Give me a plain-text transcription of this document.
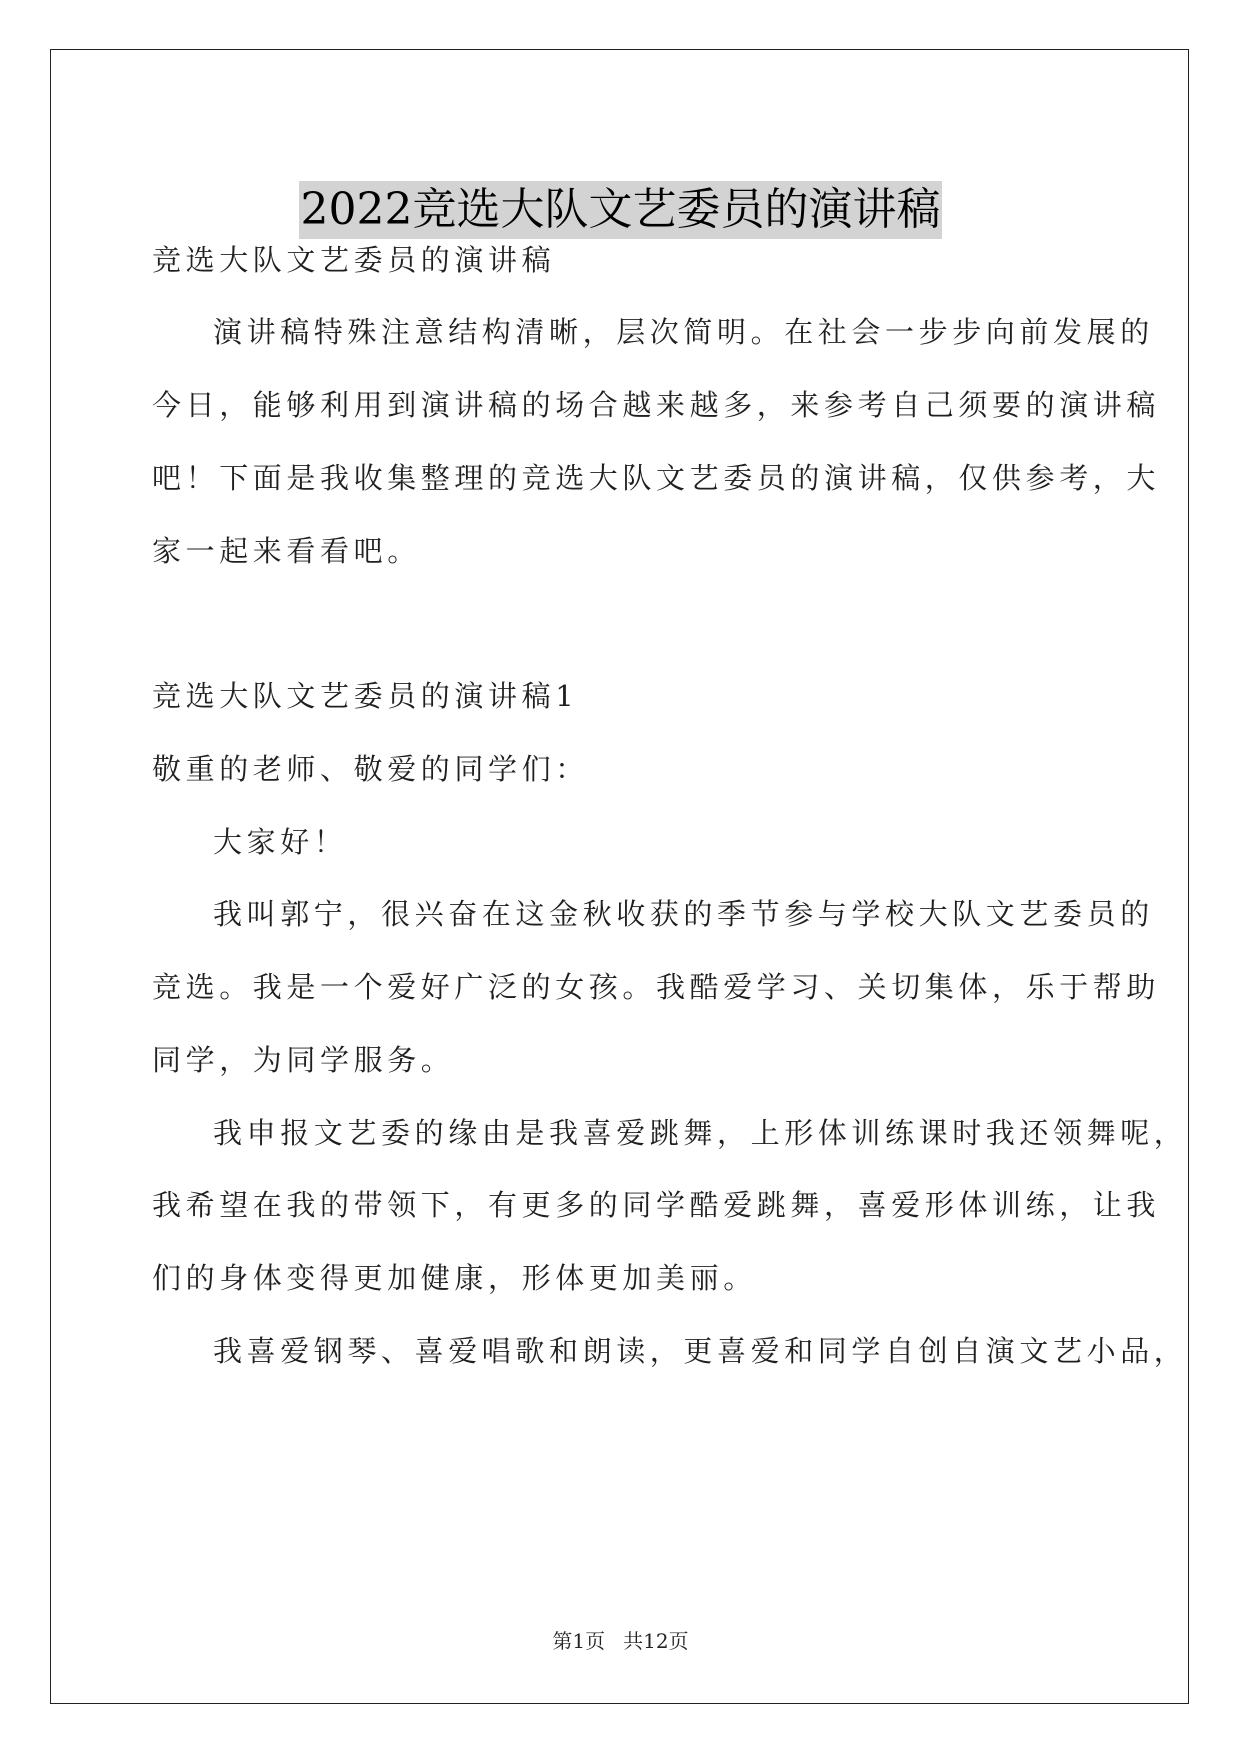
2022竞选大队文艺委员的演讲稿
竞选大队文艺委员的演讲稿
演讲稿特殊注意结构清晰，层次简明。在社会一步步向前发展的
今日，能够利用到演讲稿的场合越来越多，来参考自己须要的演讲稿
吧！下面是我收集整理的竞选大队文艺委员的演讲稿，仅供参考，大
家一起来看看吧。
竞选大队文艺委员的演讲稿1
敬重的老师、敬爱的同学们：
大家好！
我叫郭宁，很兴奋在这金秋收获的季节参与学校大队文艺委员的
竞选。我是一个爱好广泛的女孩。我酷爱学习、关切集体，乐于帮助
同学，为同学服务。
我申报文艺委的缘由是我喜爱跳舞，上形体训练课时我还领舞呢，
我希望在我的带领下，有更多的同学酷爱跳舞，喜爱形体训练，让我
们的身体变得更加健康，形体更加美丽。
我喜爱钢琴、喜爱唱歌和朗读，更喜爱和同学自创自演文艺小品，
第1页 共12页
